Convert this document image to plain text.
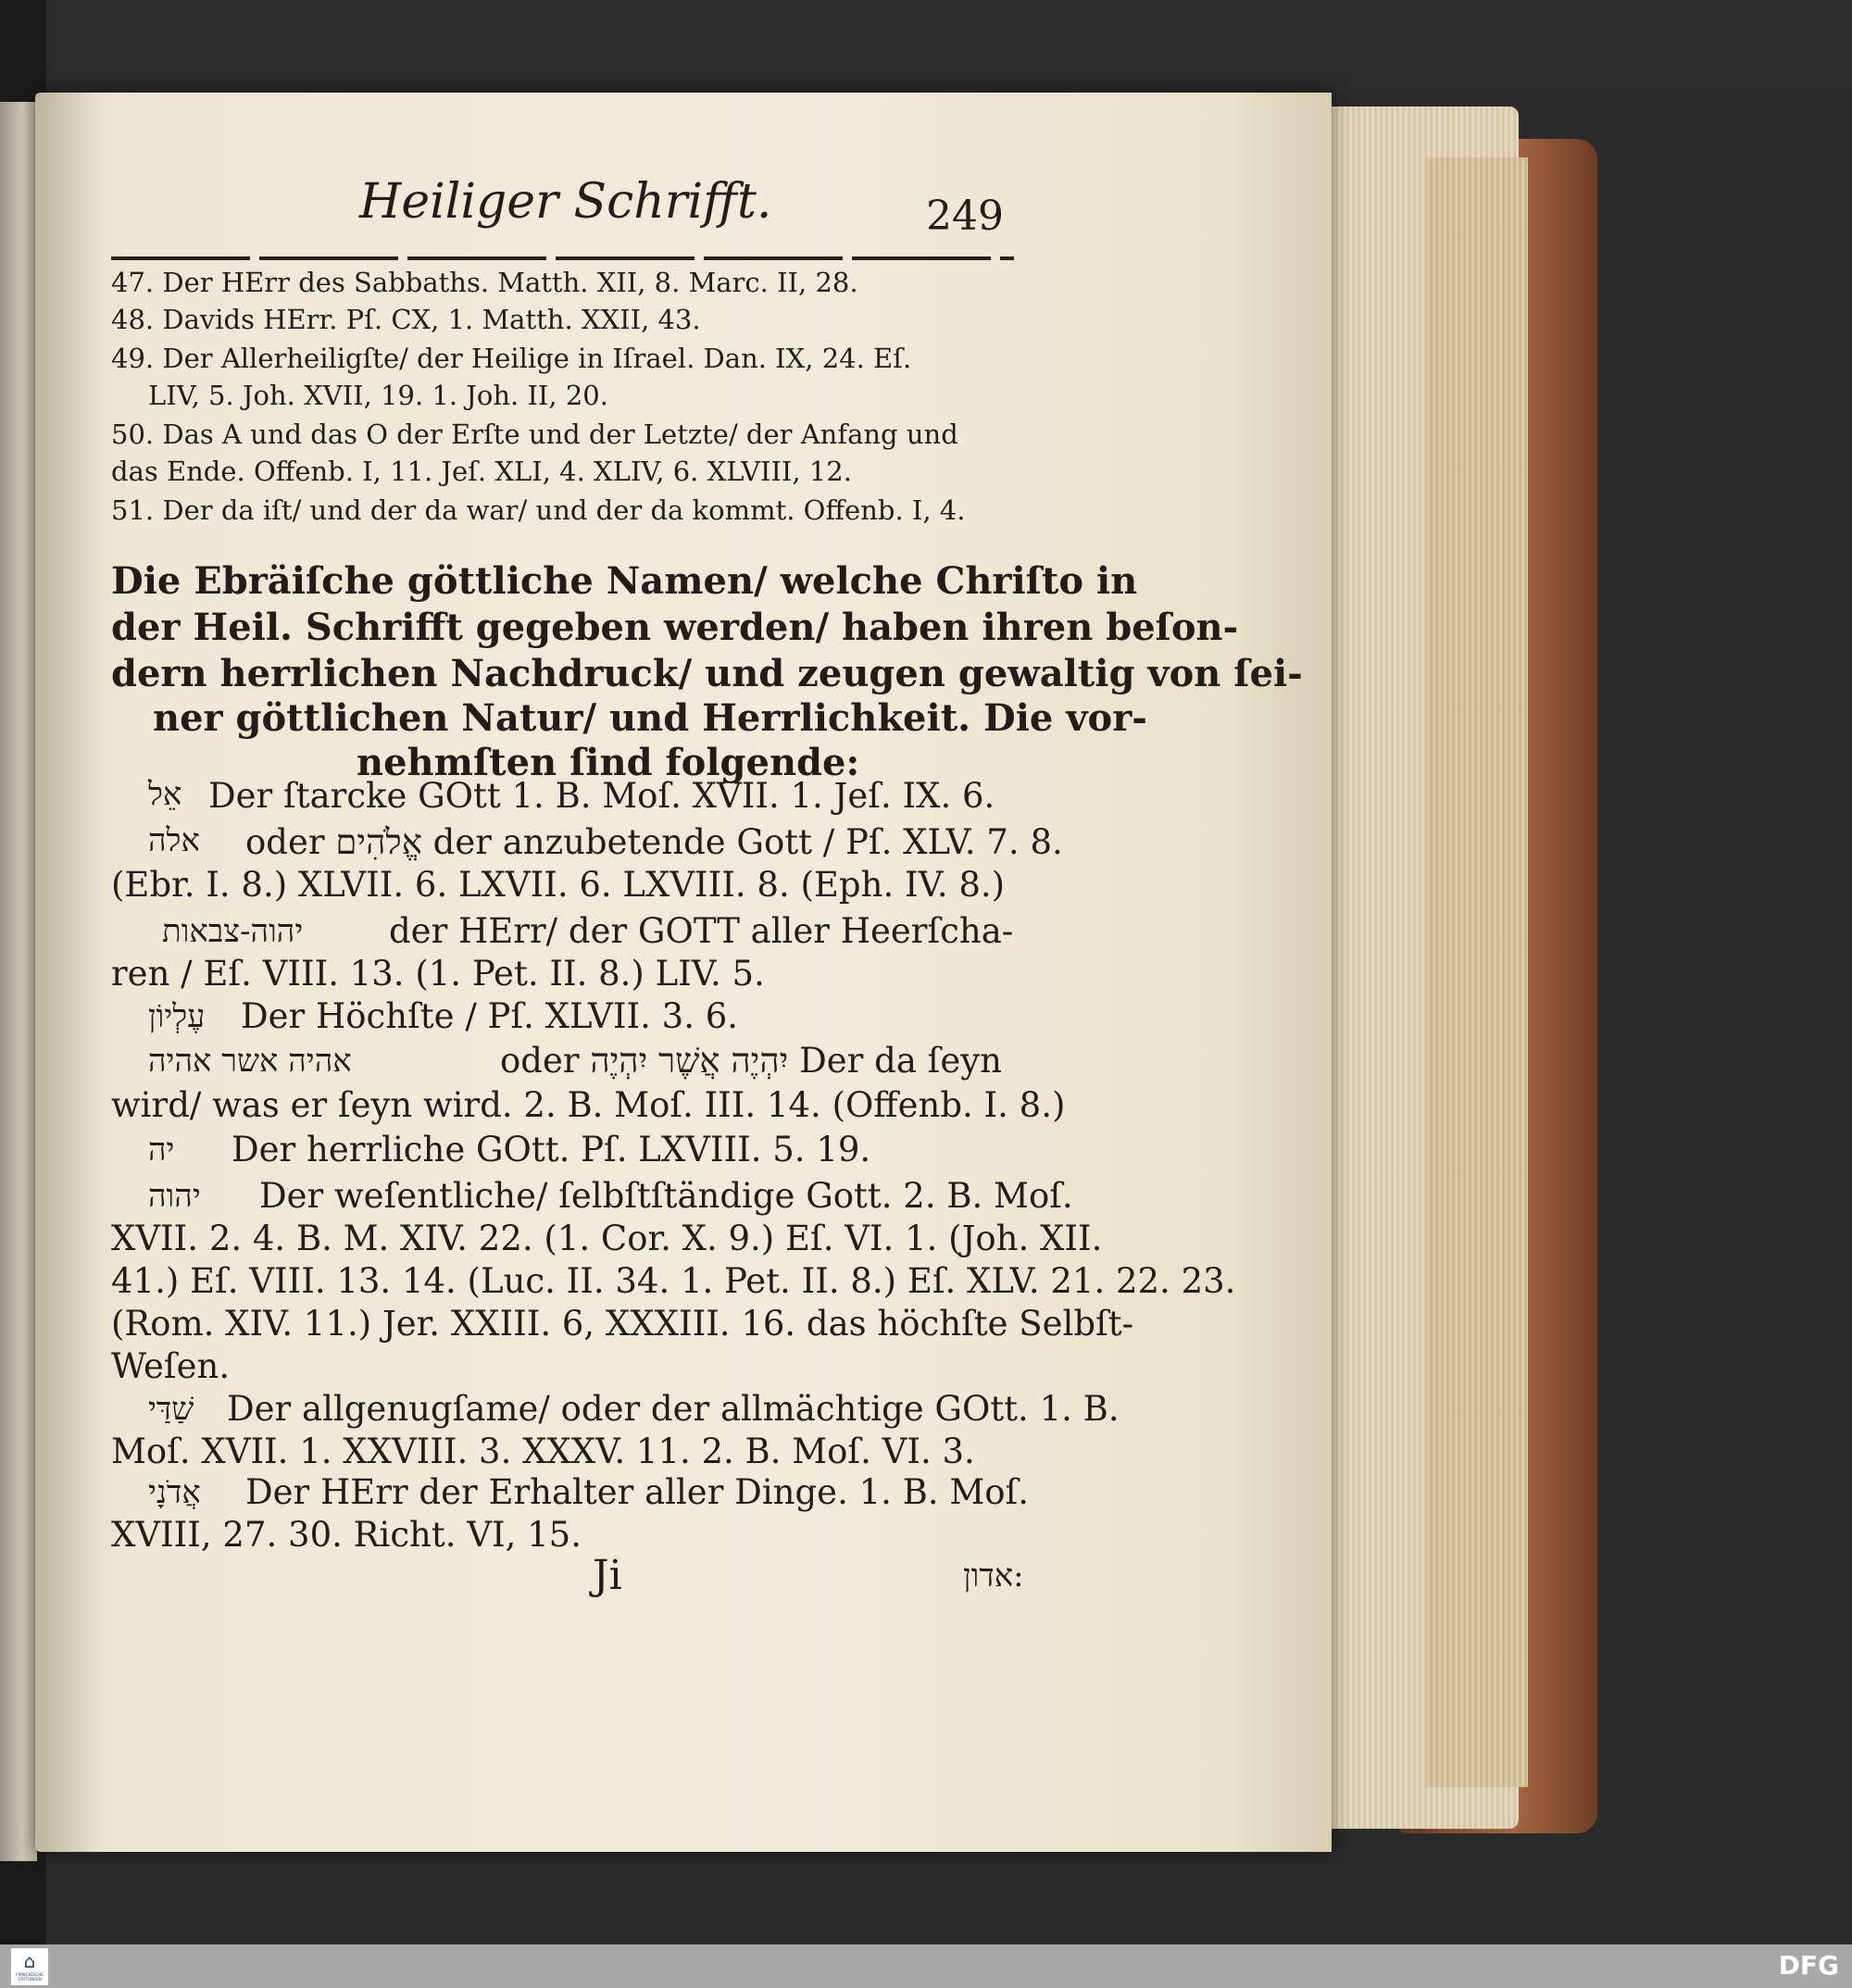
Heiliger Schrifft.	249
47. Der HErr des Sabbaths. Matth. XII, 8. Marc. II, 28.
48. Davids HErr. Pſ. CX, 1. Matth. XXII, 43.
49. Der Allerheiligſte/ der Heilige in Iſrael. Dan. IX, 24. Eſ.
LIV, 5. Joh. XVII, 19. 1. Joh. II, 20.
50. Das A und das O der Erſte und der Letzte/ der Anfang und
das Ende. Offenb. I, 11. Jeſ. XLI, 4. XLIV, 6. XLVIII, 12.
51. Der da iſt/ und der da war/ und der da kommt. Offenb. I, 4.
Die Ebräiſche göttliche Namen/ welche Chriſto in
der Heil. Schrifft gegeben werden/ haben ihren beſon-
dern herrlichen Nachdruck/ und zeugen gewaltig von ſei-
ner göttlichen Natur/ und Herrlichkeit. Die vor-
nehmſten ſind folgende:
אֵל Der ſtarcke GOtt 1. B. Moſ. XVII. 1. Jeſ. IX. 6.
אלה oder אֱלֹהִים der anzubetende Gott / Pſ. XLV. 7. 8.
(Ebr. I. 8.) XLVII. 6. LXVII. 6. LXVIII. 8. (Eph. IV. 8.)
יהוה-צבאות	der HErr/ der GOTT aller Heerſcha-
ren / Eſ. VIII. 13. (1. Pet. II. 8.) LIV. 5.
עֶלְיוֹן Der Höchſte / Pſ. XLVII. 3. 6.
אהיה אשר אהיה	oder יִהְיֶה אֲשֶׁר יִהְיֶה Der da ſeyn
wird/ was er ſeyn wird. 2. B. Moſ. III. 14. (Offenb. I. 8.)
יה Der herrliche GOtt. Pſ. LXVIII. 5. 19.
יהוה Der weſentliche/ ſelbſtſtändige Gott. 2. B. Moſ.
XVII. 2. 4. B. M. XIV. 22. (1. Cor. X. 9.) Eſ. VI. 1. (Joh. XII.
41.) Eſ. VIII. 13. 14. (Luc. II. 34. 1. Pet. II. 8.) Eſ. XLV. 21. 22. 23.
(Rom. XIV. 11.) Jer. XXIII. 6, XXXIII. 16. das höchſte Selbſt-
Weſen.
שַׁדַּי Der allgenugſame/ oder der allmächtige GOtt. 1. B.
Moſ. XVII. 1. XXVIII. 3. XXXV. 11. 2. B. Moſ. VI. 3.
אֲדֹנָי Der HErr der Erhalter aller Dinge. 1. B. Moſ.
XVIII, 27. 30. Richt. VI, 15.
Ji	אדון:
⌂
FRANCKESCHE STIFTUNGEN	DFG
